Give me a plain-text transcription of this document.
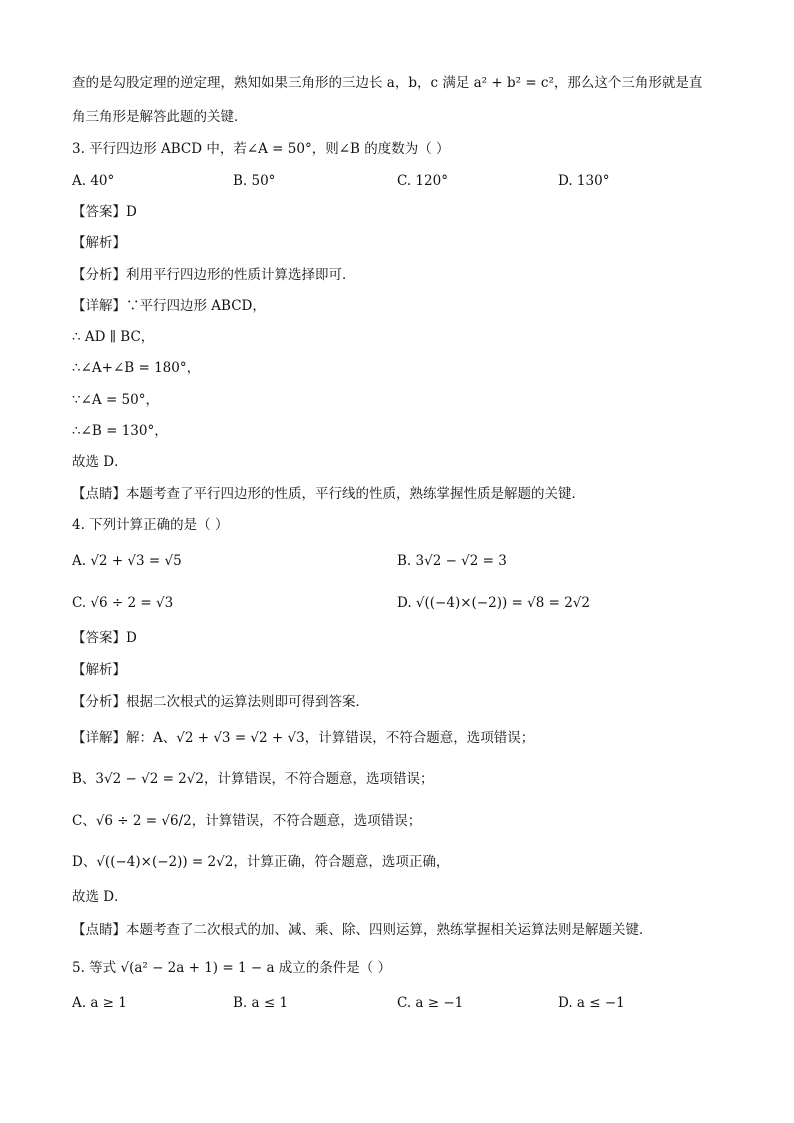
查的是勾股定理的逆定理，熟知如果三角形的三边长 a，b，c 满足 a² + b² = c²，那么这个三角形就是直
角三角形是解答此题的关键．
3. 平行四边形 ABCD 中，若∠A = 50°，则∠B 的度数为（ ）
A. 40°	B. 50°	C. 120°	D. 130°
【答案】D
【解析】
【分析】利用平行四边形的性质计算选择即可．
【详解】∵平行四边形 ABCD，
∴ AD ∥ BC，
∴∠A+∠B = 180°，
∵∠A = 50°，
∴∠B = 130°，
故选 D．
【点睛】本题考查了平行四边形的性质，平行线的性质，熟练掌握性质是解题的关键．
4. 下列计算正确的是（ ）
A. √2 + √3 = √5	B. 3√2 − √2 = 3
C. √6 ÷ 2 = √3	D. √((−4)×(−2)) = √8 = 2√2
【答案】D
【解析】
【分析】根据二次根式的运算法则即可得到答案．
【详解】解：A、√2 + √3 = √2 + √3，计算错误，不符合题意，选项错误；
B、3√2 − √2 = 2√2，计算错误，不符合题意，选项错误；
C、√6 ÷ 2 = √6/2，计算错误，不符合题意，选项错误；
D、√((−4)×(−2)) = 2√2，计算正确，符合题意，选项正确，
故选 D．
【点睛】本题考查了二次根式的加、减、乘、除、四则运算，熟练掌握相关运算法则是解题关键．
5. 等式 √(a² − 2a + 1) = 1 − a 成立的条件是（ ）
A. a ≥ 1	B. a ≤ 1	C. a ≥ −1	D. a ≤ −1
